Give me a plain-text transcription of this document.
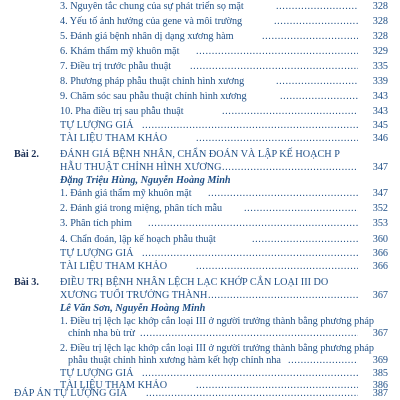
3. Nguyên tắc chung của sự phát triển sọ mặt .....	328
4. Yếu tố ảnh hưởng của gene và môi trường .....	328
5. Đánh giá bệnh nhân dị dạng xương hàm .....	328
6. Khám thẩm mỹ khuôn mặt .....	329
7. Điều trị trước phẫu thuật .....	335
8. Phương pháp phẫu thuật chỉnh hình xương .....	339
9. Chăm sóc sau phẫu thuật chỉnh hình xương .....	343
10. Pha điều trị sau phẫu thuật .....	343
TỰ LƯỢNG GIÁ .....	345
TÀI LIỆU THAM KHẢO .....	346
Bài 2. ĐÁNH GIÁ BỆNH NHÂN, CHẨN ĐOÁN VÀ LẬP KẾ HOẠCH P
HẪU THUẬT CHỈNH HÌNH XƯƠNG .....	347
Đặng Triệu Hùng, Nguyễn Hoàng Minh
1. Đánh giá thẩm mỹ khuôn mặt .....	347
2. Đánh giá trong miệng, phân tích mẫu .....	352
3. Phân tích phim .....	353
4. Chẩn đoán, lập kế hoạch phẫu thuật .....	360
TỰ LƯỢNG GIÁ .....	366
TÀI LIỆU THAM KHẢO .....	366
Bài 3. ĐIỀU TRỊ BỆNH NHÂN LỆCH LẠC KHỚP CẮN LOẠI III DO
XƯƠNG TUỔI TRƯỞNG THÀNH .....	367
Lê Văn Sơn, Nguyễn Hoàng Minh
1. Điều trị lệch lạc khớp cắn loại III ở người trưởng thành bằng phương pháp
chỉnh nha bù trừ .....	367
2. Điều trị lệch lạc khớp cắn loại III ở người trưởng thành bằng phương pháp
phẫu thuật chỉnh hình xương hàm kết hợp chỉnh nha .....	369
TỰ LƯỢNG GIÁ .....	385
TÀI LIỆU THAM KHẢO .....	386
ĐÁP ÁN TỰ LƯỢNG GIÁ .....	387
